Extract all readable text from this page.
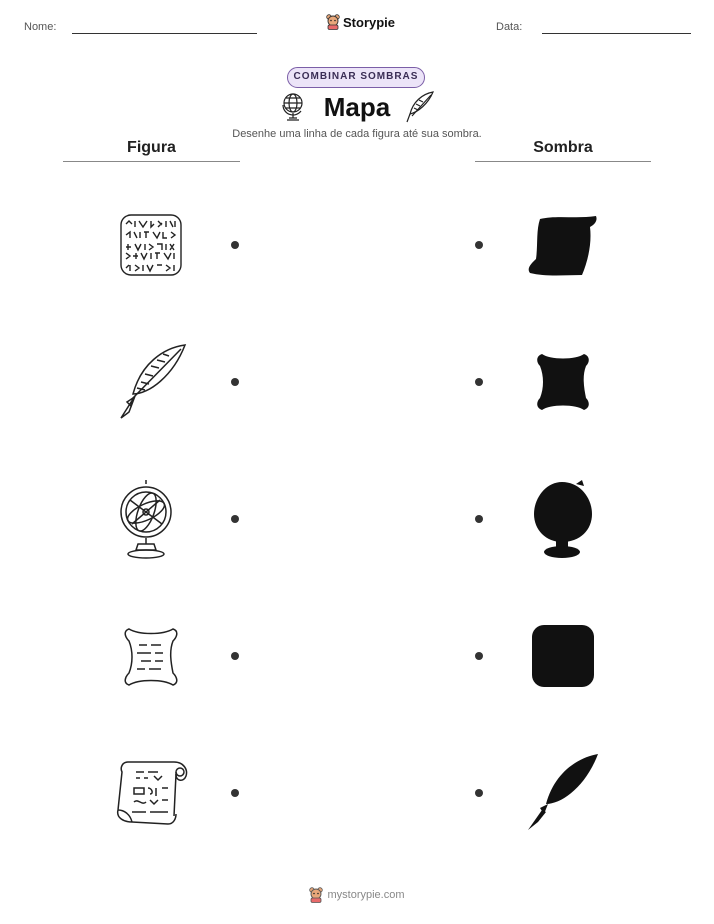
Nome:	Storypie	Data:
COMBINAR SOMBRAS
Mapa
Desenhe uma linha de cada figura até sua sombra.
Figura	Sombra
mystorypie.com
